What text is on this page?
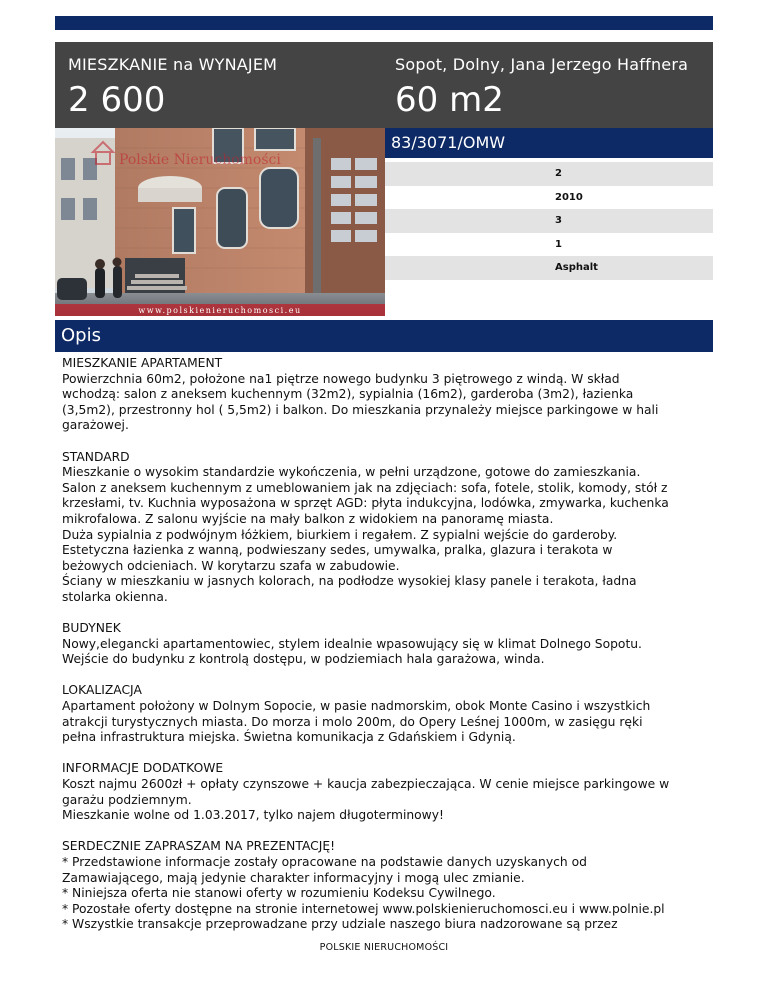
MIESZKANIE na WYNAJEM
2 600
Sopot, Dolny, Jana Jerzego Haffnera
60 m2
Polskie Nieruchomości
www.polskienieruchomosci.eu
83/3071/OMW
2
2010
3
1
Asphalt
Opis
MIESZKANIE APARTAMENT
Powierzchnia 60m2, położone na1 piętrze nowego budynku 3 piętrowego z windą. W skład
wchodzą: salon z aneksem kuchennym (32m2), sypialnia (16m2), garderoba (3m2), łazienka
(3,5m2), przestronny hol ( 5,5m2) i balkon. Do mieszkania przynależy miejsce parkingowe w hali
garażowej.
STANDARD
Mieszkanie o wysokim standardzie wykończenia, w pełni urządzone, gotowe do zamieszkania.
Salon z aneksem kuchennym z umeblowaniem jak na zdjęciach: sofa, fotele, stolik, komody, stół z
krzesłami, tv. Kuchnia wyposażona w sprzęt AGD: płyta indukcyjna, lodówka, zmywarka, kuchenka
mikrofalowa. Z salonu wyjście na mały balkon z widokiem na panoramę miasta.
Duża sypialnia z podwójnym łóżkiem, biurkiem i regałem. Z sypialni wejście do garderoby.
Estetyczna łazienka z wanną, podwieszany sedes, umywalka, pralka, glazura i terakota w
beżowych odcieniach. W korytarzu szafa w zabudowie.
Ściany w mieszkaniu w jasnych kolorach, na podłodze wysokiej klasy panele i terakota, ładna
stolarka okienna.
BUDYNEK
Nowy,elegancki apartamentowiec, stylem idealnie wpasowujący się w klimat Dolnego Sopotu.
Wejście do budynku z kontrolą dostępu, w podziemiach hala garażowa, winda.
LOKALIZACJA
Apartament położony w Dolnym Sopocie, w pasie nadmorskim, obok Monte Casino i wszystkich
atrakcji turystycznych miasta. Do morza i molo 200m, do Opery Leśnej 1000m, w zasięgu ręki
pełna infrastruktura miejska. Świetna komunikacja z Gdańskiem i Gdynią.
INFORMACJE DODATKOWE
Koszt najmu 2600zł + opłaty czynszowe + kaucja zabezpieczająca. W cenie miejsce parkingowe w
garażu podziemnym.
Mieszkanie wolne od 1.03.2017, tylko najem długoterminowy!
SERDECZNIE ZAPRASZAM NA PREZENTACJĘ!
* Przedstawione informacje zostały opracowane na podstawie danych uzyskanych od
Zamawiającego, mają jedynie charakter informacyjny i mogą ulec zmianie.
* Niniejsza oferta nie stanowi oferty w rozumieniu Kodeksu Cywilnego.
* Pozostałe oferty dostępne na stronie internetowej www.polskienieruchomosci.eu i www.polnie.pl
* Wszystkie transakcje przeprowadzane przy udziale naszego biura nadzorowane są przez
POLSKIE NIERUCHOMOŚCI
